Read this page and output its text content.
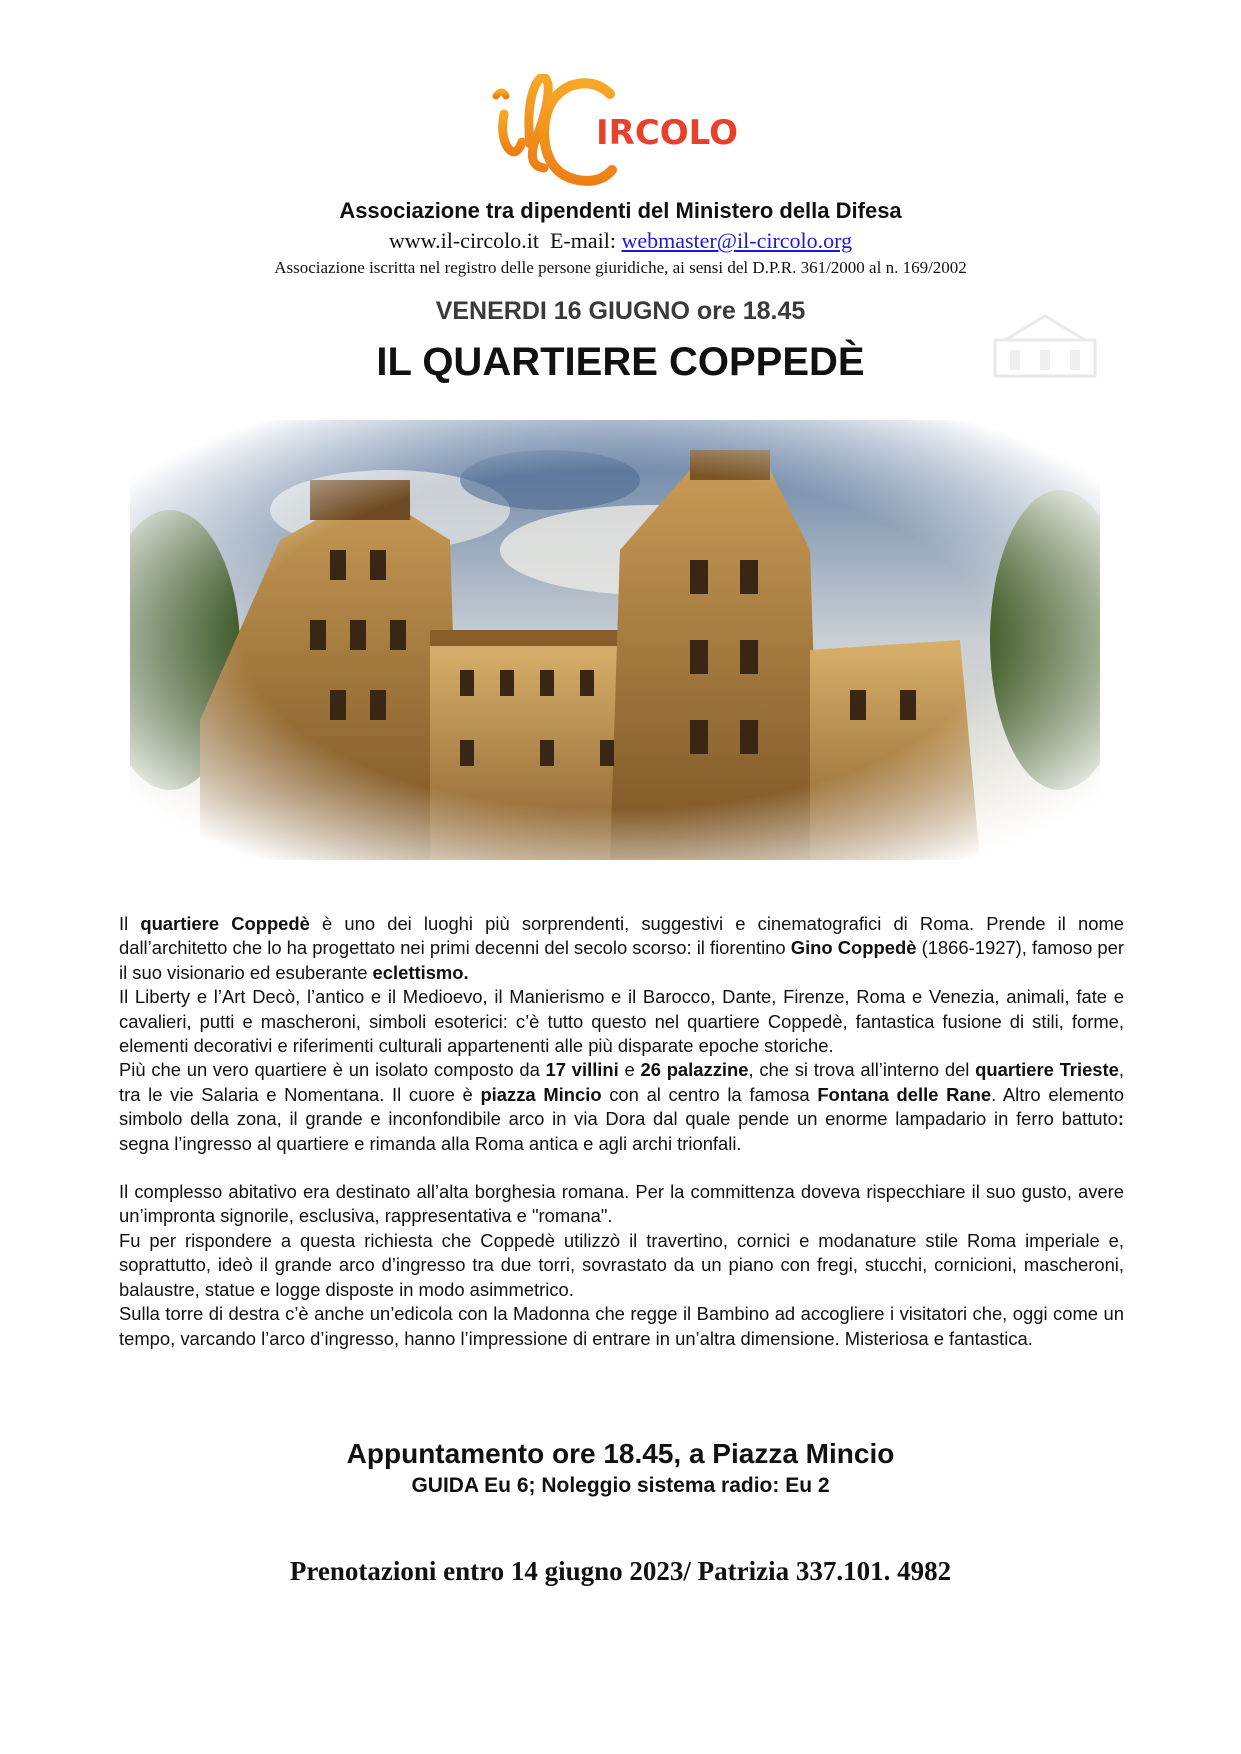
IRCOLO
Associazione tra dipendenti del Ministero della Difesa
www.il-circolo.it E-mail: webmaster@il-circolo.org
Associazione iscritta nel registro delle persone giuridiche, ai sensi del D.P.R. 361/2000 al n. 169/2002
VENERDI 16 GIUGNO ore 18.45
IL QUARTIERE COPPEDÈ

Il quartiere Coppedè è uno dei luoghi più sorprendenti, suggestivi e cinematografici di Roma. Prende il nome dall’architetto che lo ha progettato nei primi decenni del secolo scorso: il fiorentino Gino Coppedè (1866-1927), famoso per il suo visionario ed esuberante eclettismo.

Il Liberty e l’Art Decò, l’antico e il Medioevo, il Manierismo e il Barocco, Dante, Firenze, Roma e Venezia, animali, fate e cavalieri, putti e mascheroni, simboli esoterici: c’è tutto questo nel quartiere Coppedè, fantastica fusione di stili, forme, elementi decorativi e riferimenti culturali appartenenti alle più disparate epoche storiche.

Più che un vero quartiere è un isolato composto da 17 villini e 26 palazzine, che si trova all’interno del quartiere Trieste, tra le vie Salaria e Nomentana. Il cuore è piazza Mincio con al centro la famosa Fontana delle Rane. Altro elemento simbolo della zona, il grande e inconfondibile arco in via Dora dal quale pende un enorme lampadario in ferro battuto: segna l’ingresso al quartiere e rimanda alla Roma antica e agli archi trionfali.

Il complesso abitativo era destinato all’alta borghesia romana. Per la committenza doveva rispecchiare il suo gusto, avere un’impronta signorile, esclusiva, rappresentativa e "romana".

Fu per rispondere a questa richiesta che Coppedè utilizzò il travertino, cornici e modanature stile Roma imperiale e, soprattutto, ideò il grande arco d’ingresso tra due torri, sovrastato da un piano con fregi, stucchi, cornicioni, mascheroni, balaustre, statue e logge disposte in modo asimmetrico.

Sulla torre di destra c’è anche un’edicola con la Madonna che regge il Bambino ad accogliere i visitatori che, oggi come un tempo, varcando l’arco d’ingresso, hanno l’impressione di entrare in un’altra dimensione. Misteriosa e fantastica.

Appuntamento ore 18.45, a Piazza Mincio
GUIDA Eu 6; Noleggio sistema radio: Eu 2
Prenotazioni entro 14 giugno 2023/ Patrizia 337.101. 4982
